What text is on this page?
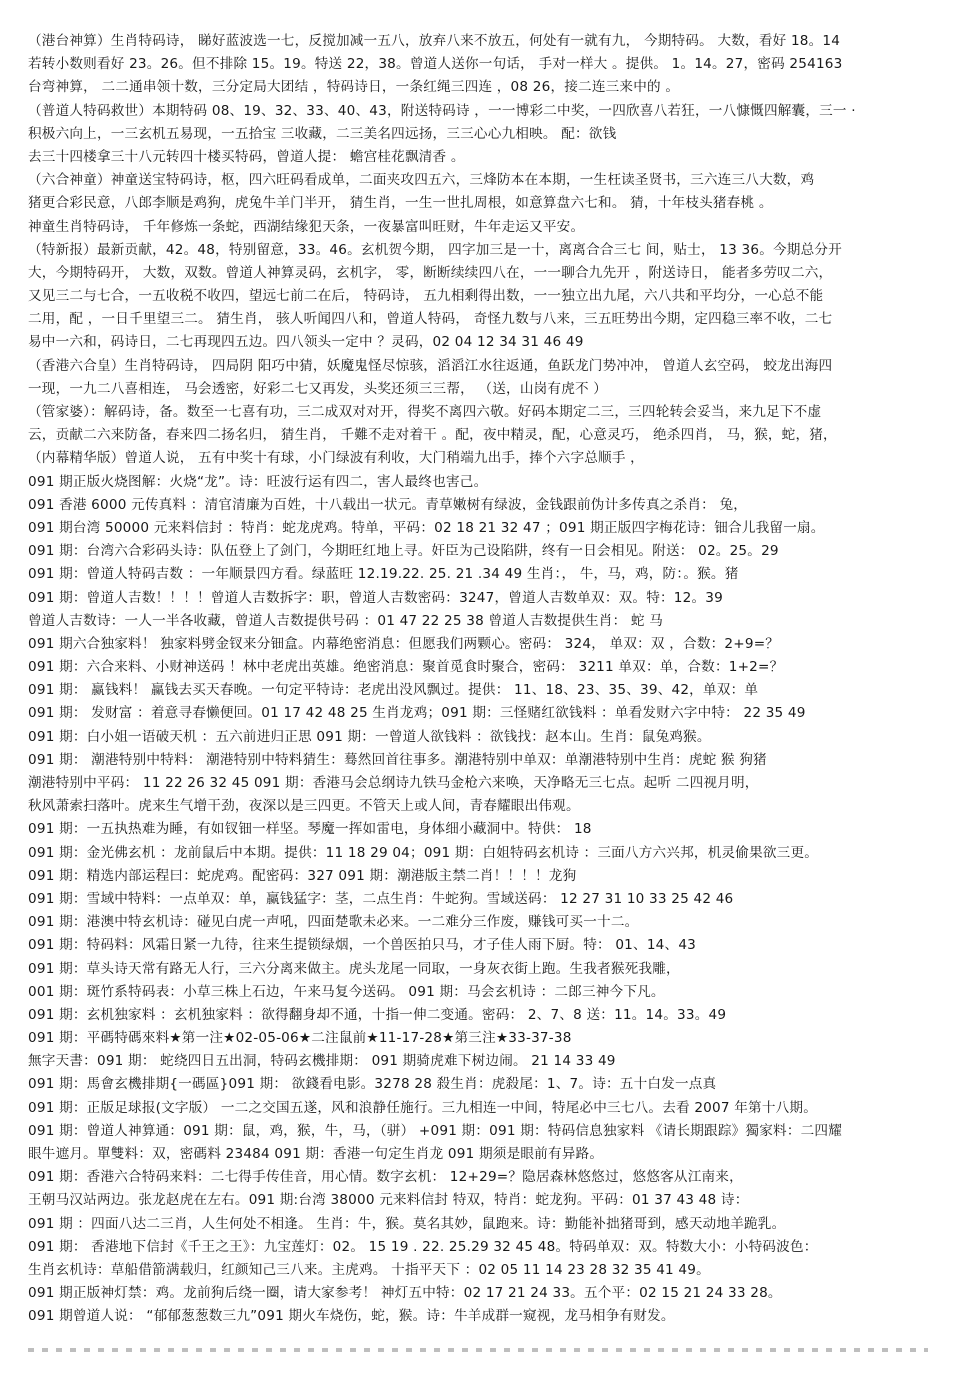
（港台神算）生肖特码诗， 睇好蓝波选一七，反搅加减一五八，放弃八来不放五，何处有一就有九， 今期特码。 大数，看好 18。14
若转小数则看好 23。26。但不排除 15。19。特送 22，38。曾道人送你一句话， 手对一样大 。提供。 1。14。27，密码 254163
台弯神算， 二二通串领十数，三分定局大团结 ，特码诗日，一条红绳三四连 ，08 26，接二连三来中的 。
（普道人特码救世）本期特码 08、19、32、33、40、43，附送特码诗 ，一一博彩二中奖，一四欣喜八若狂，一八慷慨四解囊，三一 ·
积极六向上，一三玄机五易现，一五拾宝 三收藏，二三美名四远扬，三三心心九相映。 配：欲钱
去三十四楼拿三十八元转四十楼买特码，曾道人提： 蟾宫桂花飘清香 。
（六合神童）神童送宝特码诗，枢，四六旺码看成单，二面夹攻四五六，三烽防本在本期，一生枉读圣贤书，三六连三八大数，鸡
猪更合彩民意，八郎李顺是鸡狗，虎兔牛羊门半开， 猜生肖，一生一世扎周根，如意算盘六七和。 猜，十年枝头猪春桃 。
神童生肖特码诗， 千年修炼一条蛇，西湖结缘犯天条，一夜暴富叫旺财，牛年走运又平安。
（特新报）最新贡献，42。48，特别留意，33。46。玄机贺今期， 四字加三是一十，离离合合三七 间，贴士， 13 36。今期总分开
大，今期特码开， 大数，双数。曾道人神算灵码，玄机字， 零，断断续续四八在，一一聊合九先开 ，附送诗日， 能者多劳叹二六，
又见三二与七合，一五收税不收四，望远七前二在后， 特码诗， 五九相剩得出数，一一独立出九尾，六八共和平均分，一心总不能
二用，配 ，一日千里望三二。 猜生肖， 骇人听闻四八和，曾道人特码， 奇怪九数与八来，三五旺势出今期，定四稳三率不收，二七
易中一六和，码诗日，二七再现四五边。四八领头一定中 ？灵码，02 04 12 34 31 46 49
（香港六合皇）生肖特码诗， 四局阴 阳巧中猜，妖魔鬼怪尽惊骇，滔滔江水往返通，鱼跃龙门势冲冲， 曾道人玄空码， 蛟龙出海四
一现，一九二八喜相连， 马会透密，好彩二七又再发，头奖还须三三帮， （送，山岗有虎不 ）
（管家婆）：解码诗，备。数至一七喜有功，三二成双对对开，得奖不离四六敬。好码本期定二三，三四轮转会妥当，来九足下不虚
云，贡献二六来防备，春来四二扬名归， 猜生肖， 千難不走对着干 。配，夜中精灵，配，心意灵巧， 绝杀四肖， 马，猴，蛇，猪，
（内幕精华版）曾道人说， 五有中奖十有球，小门绿波有利收，大门稍端九出手，捧个六字总顺手 ，
091 期正版火烧图解：火烧“龙”。诗：旺波行运有四二，害人最终也害己。
091 香港 6000 元传真料 ：清官清廉为百姓，十八载出一状元。青草嫩树有绿波，金钱跟前伪计多传真之杀肖： 兔，
091 期台湾 50000 元来料信封 ：特肖：蛇龙虎鸡。特单，平码：02 18 21 32 47 ；091 期正版四字梅花诗：钿合儿我留一扇。
091 期：台湾六合彩码头诗：队伍登上了剑门，今期旺红地上寻。奸臣为己设陷阱，终有一日会相见。附送： 02。25。29
091 期：曾道人特码吉数 ：一年顺景四方看。绿蓝旺 12.19.22. 25. 21 .34 49 生肖：， 牛，马，鸡，防：。猴。猪
091 期：曾道人吉数！！！！曾道人吉数拆字：职，曾道人吉数密码：3247，曾道人吉数单双：双。特：12。39
曾道人吉数诗：一人一半各收藏，曾道人吉数提供号码 ：01 47 22 25 38 曾道人吉数提供生肖： 蛇 马
091 期六合独家料！ 独家料劈金钗来分钿盒。内幕绝密消息：但愿我们两颗心。密码： 324， 单双：双 ，合数：2+9=？
091 期：六合来料、小财神送码 ！林中老虎出英雄。绝密消息：聚首觅食时聚合，密码： 3211 单双：单，合数：1+2=？
091 期： 赢钱料！ 赢钱去买天春晚。一句定平特诗：老虎出没风飘过。提供： 11、18、23、35、39、42，单双：单
091 期： 发财富 ：着意寻春懒便回。01 17 42 48 25 生肖龙鸡；091 期：三怪赌红欲钱料 ：单看发财六字中特： 22 35 49
091 期：白小姐一语破天机 ：五六前进归正思 091 期：一曾道人欲钱料 ：欲钱找：赵本山。生肖：鼠兔鸡猴。
091 期： 潮港特别中特料： 潮港特别中特料猜生：蓦然回首往事多。潮港特别中单双：单潮港特别中生肖：虎蛇 猴 狗猪
潮港特别中平码： 11 22 26 32 45 091 期：香港马会总纲诗九铁马金枪六来唤，天净略无三七点。起听 二四视月明，
秋风萧索扫落叶。虎来生气增干劲，夜深以是三四更。不管天上或人间，青春耀眼出伟观。
091 期：一五执热难为睡，有如钗钿一样坚。琴魔一挥如雷电，身体细小藏洞中。特供： 18
091 期：金光佛玄机 ：龙前鼠后中本期。提供：11 18 29 04；091 期：白姐特码玄机诗 ：三面八方六兴邦，机灵偷果欲三更。
091 期：精选内部运程曰：蛇虎鸡。配密码：327 091 期：潮港版主禁二肖！！！！龙狗
091 期：雪域中特料：一点单双：单，赢钱猛字：茎，二点生肖：牛蛇狗。雪域送码： 12 27 31 10 33 25 42 46
091 期：港澳中特玄机诗：碰见白虎一声吼，四面楚歌未必来。一二难分三作废，赚钱可买一十二。
091 期：特码料：风霜日紧一九待，往来生提锁绿烟，一个兽医拍只马，才子佳人雨下厨。特： 01、14、43
091 期：草头诗天常有路无人行，三六分离来做主。虎头龙尾一同取，一身灰衣街上跑。生我者猴死我雕，
001 期：斑竹系特码表：小草三株上石边，午来马复今送码。 091 期：马会玄机诗 ：二郎三神今下凡。
091 期：玄机独家料 ：玄机独家料 ：欲得翻身却不通，十指一伸二变通。密码： 2、7、8 送：11。14。33。49
091 期：平碼特碼來料★第一注★02-05-06★二注鼠前★11-17-28★第三注★33-37-38
無字天書：091 期： 蛇绕四日五出洞，特码玄機排期： 091 期骑虎难下树边闹。 21 14 33 49
091 期：馬會玄機排期{一碼區}091 期： 欲錢看电影。3278 28 殺生肖：虎殺尾：1、7。诗：五十白发一点真
091 期：正版足球报(文字版） 一二之交国五遂，风和浪静任施行。三九相连一中间，特尾必中三七八。去看 2007 年第十八期。
091 期：曾道人神算通：091 期：鼠，鸡，猴，牛，马，（骈） +091 期：091 期：特码信息独家料 《请长期跟踪》獨家料：二四耀
眼牛遮月。單雙料：双，密碼料 23484 091 期：香港一句定生肖龙 091 期须是眼前有异路。
091 期：香港六合特码来料：二七得手传佳音，用心情。数字玄机： 12+29=？隐居森林悠悠过，悠悠客从江南来，
王朝马汉站两边。张龙赵虎在左右。091 期:台湾 38000 元来料信封 特双，特肖：蛇龙狗。平码：01 37 43 48 诗：
091 期 ：四面八达二三肖，人生何处不相逢。 生肖：牛，猴。莫名其妙，鼠跑来。诗：勤能补拙猪哥到，感天动地羊跪乳。
091 期： 香港地下信封《千王之王》：九宝莲灯：02。 15 19 . 22. 25.29 32 45 48。特码单双：双。特数大小：小特码波色：
生肖玄机诗：草船借箭满载归，红颜知己三八来。主虎鸡。 十指平天下 ：02 05 11 14 23 28 32 35 41 49。
091 期正版神灯禁：鸡。龙前狗后绕一圈，请大家参考！ 神灯五中特：02 17 21 24 33。五个平：02 15 21 24 33 28。
091 期曾道人说： “郁郁葱葱数三九”091 期火车烧伤，蛇，猴。诗：牛羊成群一窥视，龙马相争有财发。
